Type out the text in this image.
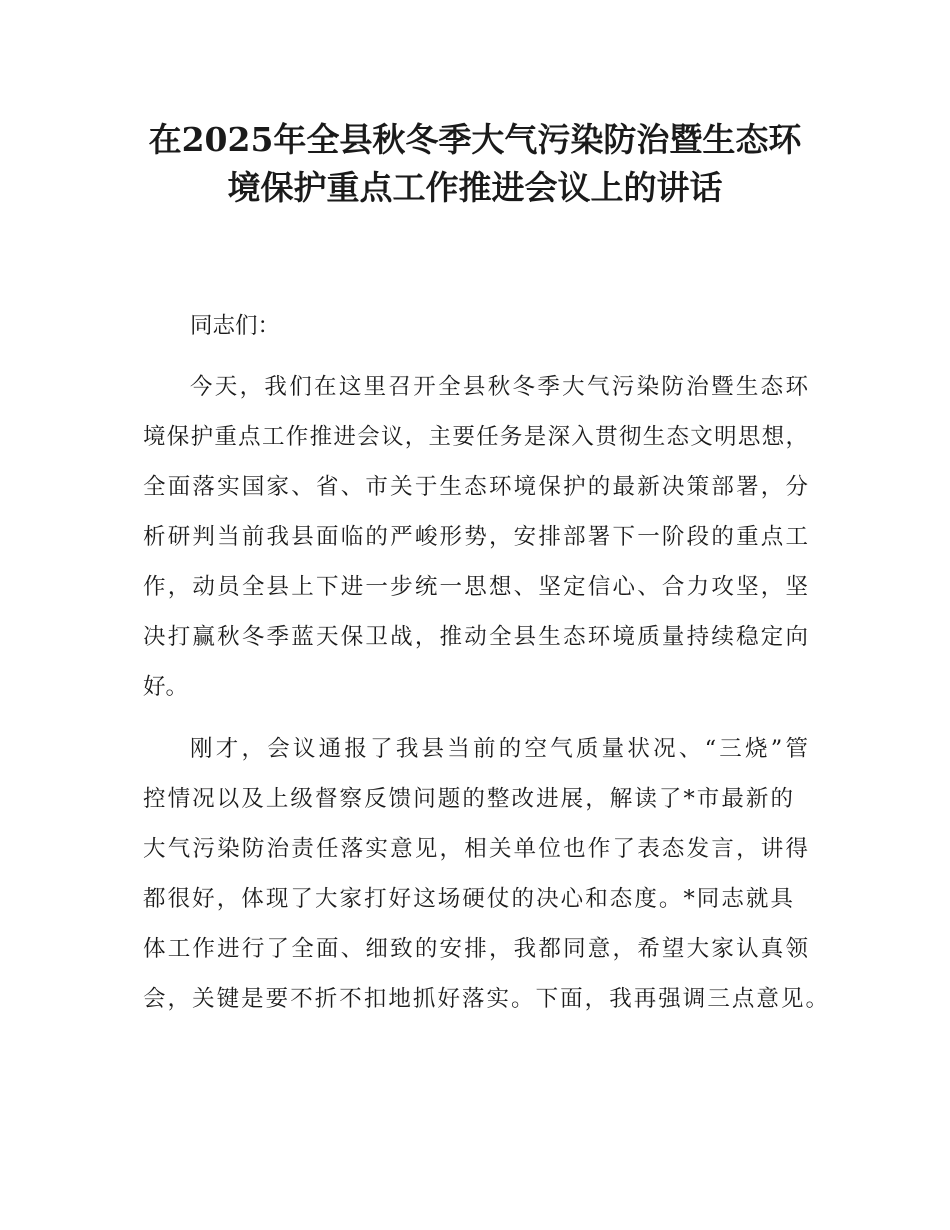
在2025年全县秋冬季大气污染防治暨生态环
境保护重点工作推进会议上的讲话

同志们：

今天，我们在这里召开全县秋冬季大气污染防治暨生态环

境保护重点工作推进会议，主要任务是深入贯彻生态文明思想，

全面落实国家、省、市关于生态环境保护的最新决策部署，分

析研判当前我县面临的严峻形势，安排部署下一阶段的重点工

作，动员全县上下进一步统一思想、坚定信心、合力攻坚，坚

决打赢秋冬季蓝天保卫战，推动全县生态环境质量持续稳定向

好。

刚才，会议通报了我县当前的空气质量状况、“三烧”管

控情况以及上级督察反馈问题的整改进展，解读了*市最新的

大气污染防治责任落实意见，相关单位也作了表态发言，讲得

都很好，体现了大家打好这场硬仗的决心和态度。*同志就具

体工作进行了全面、细致的安排，我都同意，希望大家认真领

会，关键是要不折不扣地抓好落实。下面，我再强调三点意见。
